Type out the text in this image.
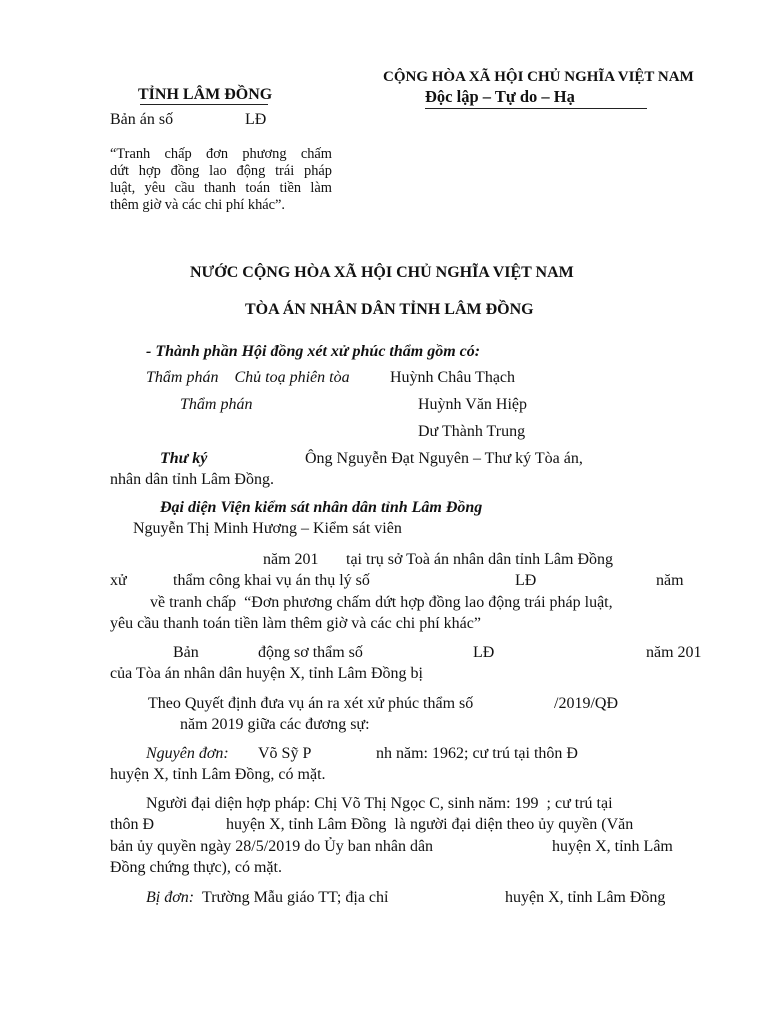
TỈNH LÂM ĐỒNG
Bản án số	LĐ
“Tranh chấp đơn phương chấm
dứt hợp đồng lao động trái pháp
luật, yêu cầu thanh toán tiền làm
thêm giờ và các chi phí khác”.
CỘNG HÒA XÃ HỘI CHỦ NGHĨA VIỆT NAM
Độc lập – Tự do – Hạ
NƯỚC CỘNG HÒA XÃ HỘI CHỦ NGHĨA VIỆT NAM
TÒA ÁN NHÂN DÂN TỈNH LÂM ĐỒNG
- Thành phần Hội đồng xét xử phúc thẩm gồm có:
Thẩm phán    Chủ toạ phiên tòa	Huỳnh Châu Thạch
Thẩm phán	Huỳnh Văn Hiệp
Dư Thành Trung
Thư ký	Ông Nguyễn Đạt Nguyên – Thư ký Tòa án,
nhân dân tỉnh Lâm Đồng.
Đại diện Viện kiểm sát nhân dân tỉnh Lâm Đồng
Nguyễn Thị Minh Hương – Kiểm sát viên
năm 201 tại trụ sở Toà án nhân dân tỉnh Lâm Đồng
xử	thẩm công khai vụ án thụ lý số	LĐ	năm
về tranh chấp  “Đơn phương chấm dứt hợp đồng lao động trái pháp luật,
yêu cầu thanh toán tiền làm thêm giờ và các chi phí khác”
Bản	động sơ thẩm số	LĐ	năm 201
của Tòa án nhân dân huyện X, tỉnh Lâm Đồng bị
Theo Quyết định đưa vụ án ra xét xử phúc thẩm số	/2019/QĐ
năm 2019 giữa các đương sự:
Nguyên đơn: Võ Sỹ P	nh năm: 1962; cư trú tại thôn Đ
huyện X, tỉnh Lâm Đồng, có mặt.
Người đại diện hợp pháp: Chị Võ Thị Ngọc C, sinh năm: 199  ; cư trú tại
thôn Đ	huyện X, tỉnh Lâm Đồng  là người đại diện theo ủy quyền (Văn
bản ủy quyền ngày 28/5/2019 do Ủy ban nhân dân	huyện X, tỉnh Lâm
Đồng chứng thực), có mặt.
Bị đơn: Trường Mẫu giáo TT; địa chỉ	huyện X, tỉnh Lâm Đồng
